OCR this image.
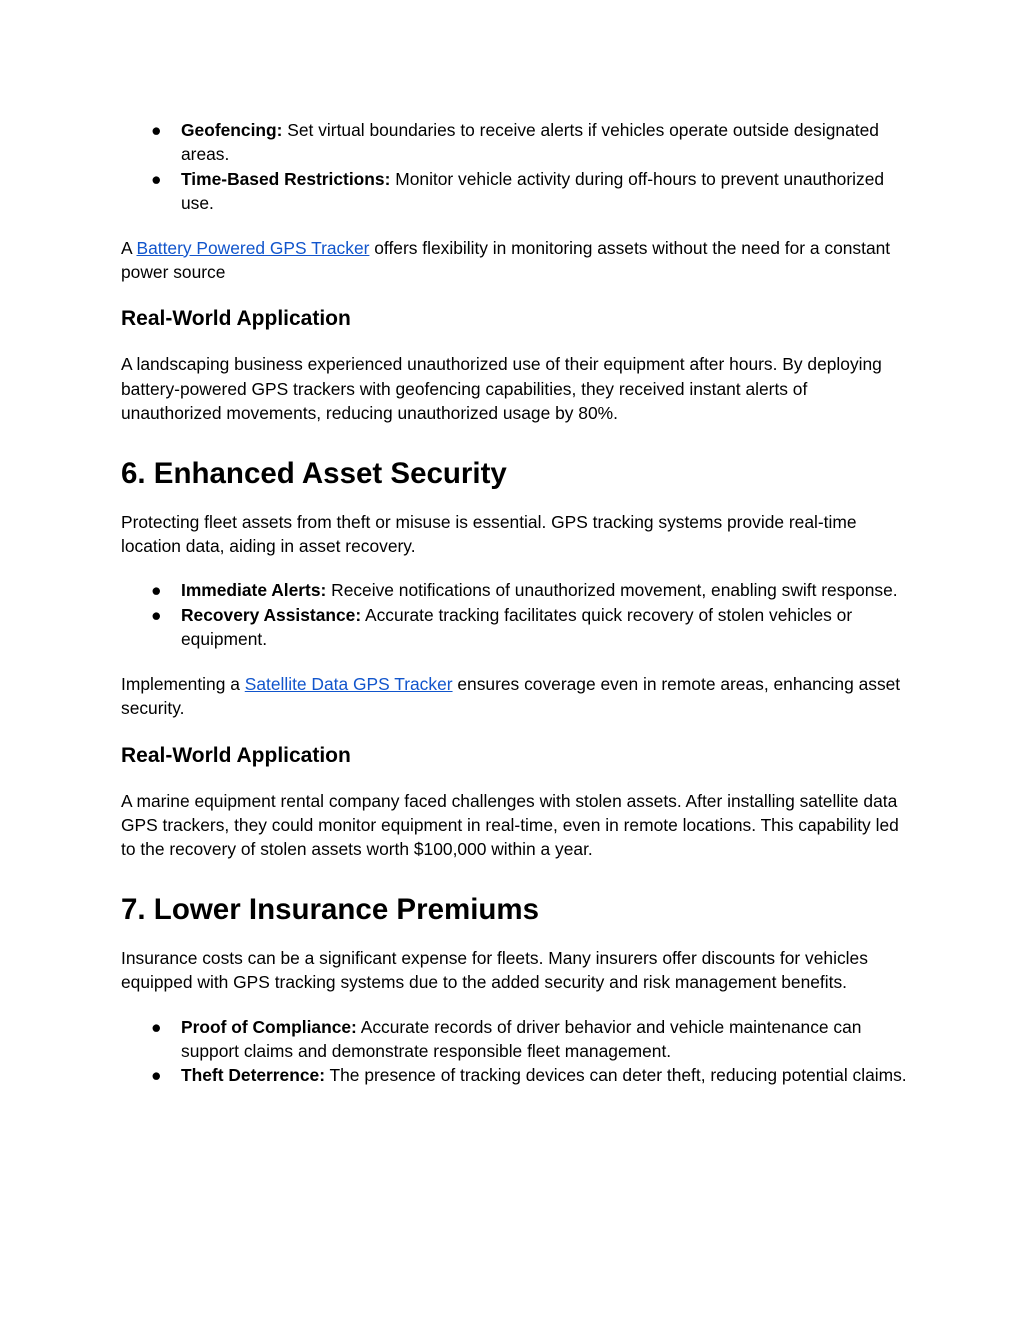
● Geofencing: Set virtual boundaries to receive alerts if vehicles operate outside designated areas.
● Time-Based Restrictions: Monitor vehicle activity during off-hours to prevent unauthorized use.

A Battery Powered GPS Tracker offers flexibility in monitoring assets without the need for a constant power source

Real-World Application

A landscaping business experienced unauthorized use of their equipment after hours. By deploying battery-powered GPS trackers with geofencing capabilities, they received instant alerts of unauthorized movements, reducing unauthorized usage by 80%.

6. Enhanced Asset Security

Protecting fleet assets from theft or misuse is essential. GPS tracking systems provide real-time location data, aiding in asset recovery.

● Immediate Alerts: Receive notifications of unauthorized movement, enabling swift response.
● Recovery Assistance: Accurate tracking facilitates quick recovery of stolen vehicles or equipment.

Implementing a Satellite Data GPS Tracker ensures coverage even in remote areas, enhancing asset security.

Real-World Application

A marine equipment rental company faced challenges with stolen assets. After installing satellite data GPS trackers, they could monitor equipment in real-time, even in remote locations. This capability led to the recovery of stolen assets worth $100,000 within a year.

7. Lower Insurance Premiums

Insurance costs can be a significant expense for fleets. Many insurers offer discounts for vehicles equipped with GPS tracking systems due to the added security and risk management benefits.

● Proof of Compliance: Accurate records of driver behavior and vehicle maintenance can support claims and demonstrate responsible fleet management.
● Theft Deterrence: The presence of tracking devices can deter theft, reducing potential claims.
